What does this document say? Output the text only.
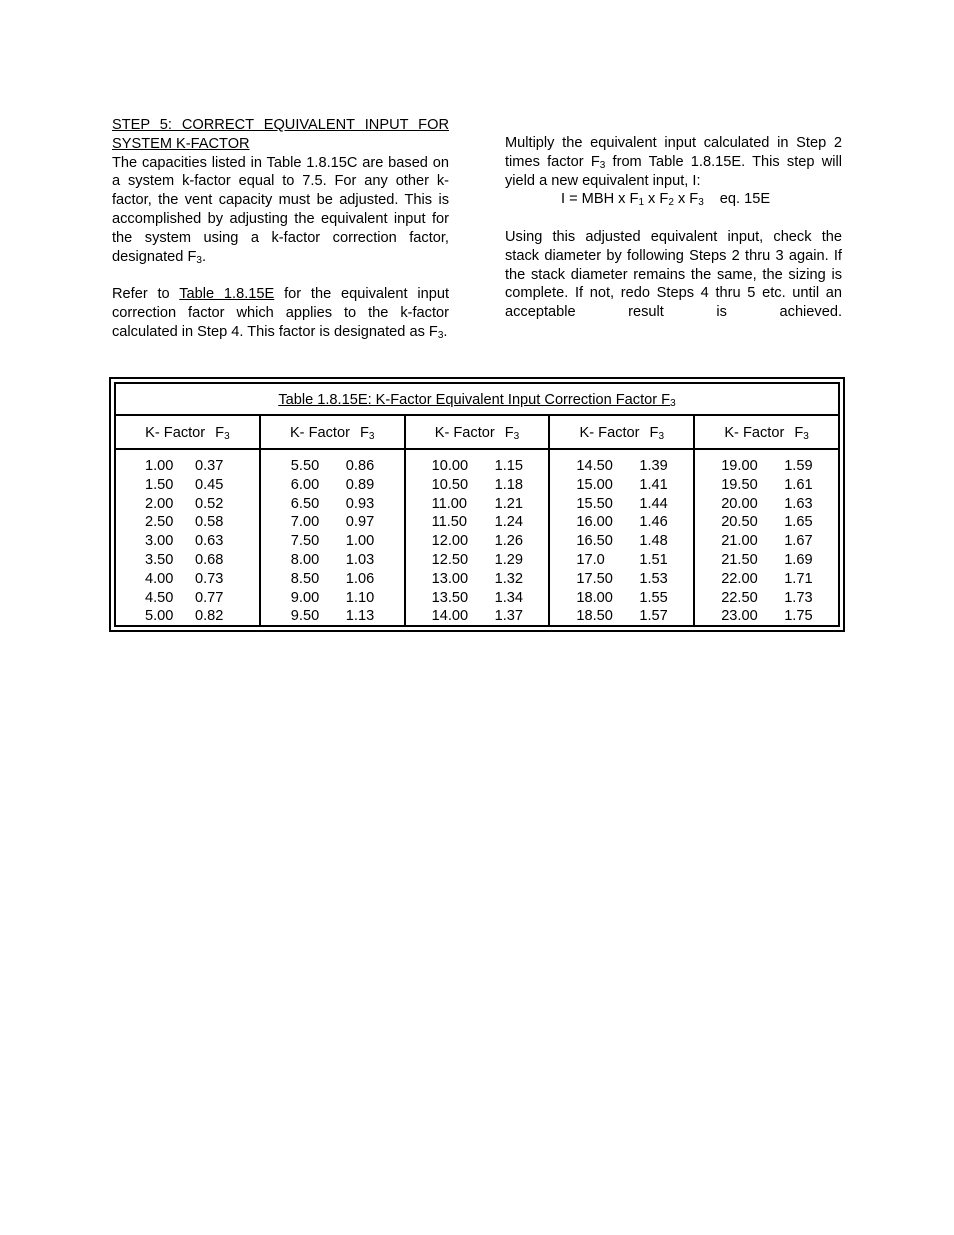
STEP 5: CORRECT EQUIVALENT INPUT FOR

SYSTEM K-FACTOR

The capacities listed in Table 1.8.15C are based on a system k-factor equal to 7.5. For any other k-factor, the vent capacity must be adjusted. This is accomplished by adjusting the equivalent input for the system using a k-factor correction factor, designated $F_3$.

Refer to Table 1.8.15E for the equivalent input correction factor which applies to the k-factor calculated in Step 4. This factor is designated as $F_3$.

Multiply the equivalent input calculated in Step 2 times factor $F_3$ from Table 1.8.15E. This step will yield a new equivalent input, I:

I = MBH x $F_1$ x $F_2$ x $F_3$ eq. 15E

Using this adjusted equivalent input, check the stack diameter by following Steps 2 thru 3 again. If the stack diameter remains the same, the sizing is complete. If not, redo Steps 4 thru 5 etc. until an acceptable result is achieved.

Table 1.8.15E: K-Factor Equivalent Input Correction Factor $F_3$
K- Factor $F_3$
1.00 0.37
1.50 0.45
2.00 0.52
2.50 0.58
3.00 0.63
3.50 0.68
4.00 0.73
4.50 0.77
5.00 0.82
K- Factor $F_3$
5.50 0.86
6.00 0.89
6.50 0.93
7.00 0.97
7.50 1.00
8.00 1.03
8.50 1.06
9.00 1.10
9.50 1.13
K- Factor $F_3$
10.00 1.15
10.50 1.18
11.00 1.21
11.50 1.24
12.00 1.26
12.50 1.29
13.00 1.32
13.50 1.34
14.00 1.37
K- Factor $F_3$
14.50 1.39
15.00 1.41
15.50 1.44
16.00 1.46
16.50 1.48
17.0 1.51
17.50 1.53
18.00 1.55
18.50 1.57
K- Factor $F_3$
19.00 1.59
19.50 1.61
20.00 1.63
20.50 1.65
21.00 1.67
21.50 1.69
22.00 1.71
22.50 1.73
23.00 1.75
